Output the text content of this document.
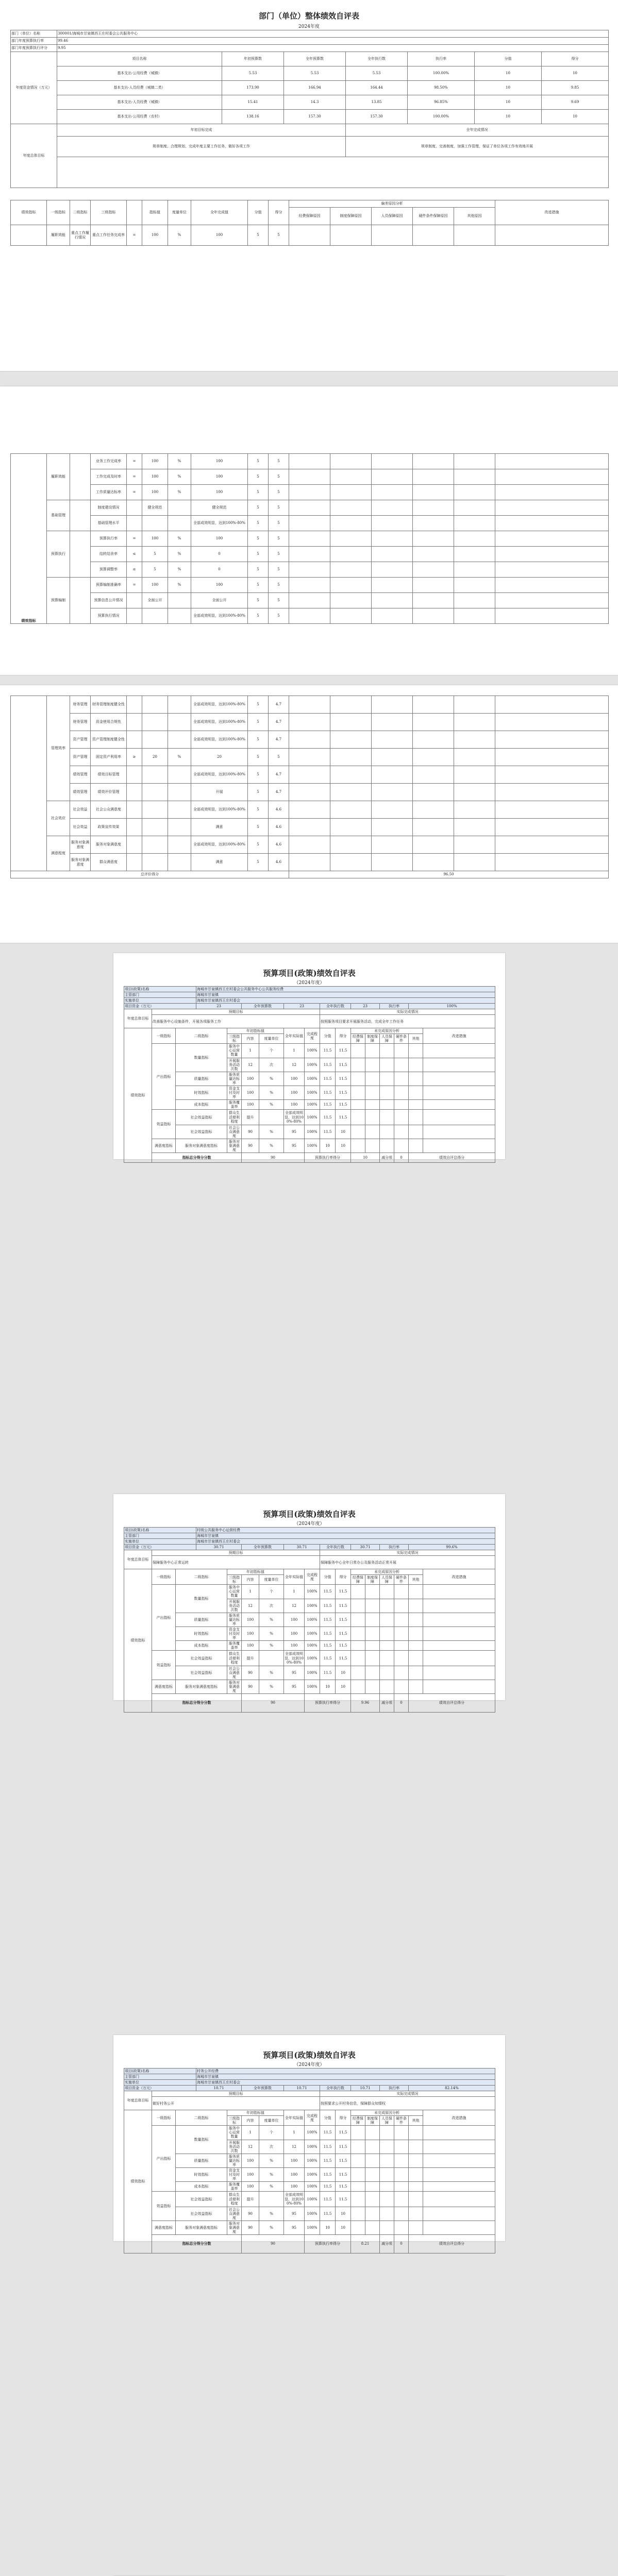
部门（单位）整体绩效自评表
2024年度
部门（单位）名称	300001/海城市甘泉镇西王庄村委会公共服务中心						
部门年度预算执行率	99.46						
部门年度预算执行评分	9.95						
年度资金情况（万元）	项目名称	年初预算数	全年预算数	全年执行数	执行率	分值	得分
	基本支出-公用经费（城镇）	5.53	5.53	5.53	100.00%	10	10
	基本支出-人员经费（城镇二类）	173.90	166.94	164.44	98.50%	10	9.85
	基本支出-人员经费（城镇）	15.41	14.3	13.85	96.85%	10	9.69
	基本支出-公用经费（农村）	138.16	157.30	157.30	100.00%	10	10
年度总体目标	年初目标完成			全年完成情况			
	规章制度、合理规划，完成年度主要工作任务，做好各项工作			规章制度，完善制度，加强工作管理，保证了单位各项工作有效地开展			

绩效指标	一级指标	二级指标	三级指标		指标值	度量单位	全年完成值	分值	得分	偏差原因分析					改进措施
										经费保障原因	制度保障原因	人员保障原因	硬件条件保障原因	其他原因	
	履职效能	重点工作履行情况	重点工作任务完成率	=	100	%	100	5	5						
绩效指标	履职效能		业务工作完成率	=	100	%	100	5	5						
			工作完成及时率	=	100	%	100	5	5						
			工作质量达标率	=	100	%	100	5	5						
	基础管理		制度建设情况		健全规范		健全规范	5	5						
			基础管理水平				全部成效明显，达到100%-80%	5	5						
	预算执行		预算执行率	=	100	%	100	5	5						
			结转结余率	≤	5	%	0	5	5						
			预算调整率	≤	5	%	0	5	5						
	预算编制		预算编制准确率	=	100	%	100	5	5						
			预算信息公开情况		全面公开		全面公开	5	5						
			预算执行情况				全部成效明显，达到100%-80%	5	5						
	管理效率	财务管理	财务管理制度健全性				全部成效明显，达到100%-80%	5	4.7						
		财务管理	资金使用合规性				全部成效明显，达到100%-80%	5	4.7						
		资产管理	资产管理制度健全性				全部成效明显，达到100%-80%	5	4.7						
		资产管理	固定资产利用率	≥	20	%	20	5	5						
		绩效管理	绩效目标管理				全部成效明显，达到100%-80%	5	4.7						
		绩效管理	绩效评价管理				开展	5	4.7						
	社会效应	社会效益	社会公众满意度				全部成效明显，达到100%-80%	5	4.6						
		社会效益	政策宣传效果				满意	5	4.6						
	满意程度	服务对象满意度	服务对象满意度				全部成效明显，达到100%-80%	5	4.6						
		服务对象满意度	群众满意度				满意	5	4.6						
总评价得分										96.50					
预算项目(政策)绩效自评表
（2024年度）
项目(政策)名称			海城市甘泉镇西王庄村委会公共服务中心公共服务经费														
主管部门			海城市甘泉镇														
实施单位			海城市甘泉镇西王庄村委会														
项目资金（万元）			23		全年预算数		23		全年执行数		23		执行率		100%		
年度总体目标	预期目标								实际完成情况								
	改善服务中心设施条件，开展各项服务工作								按照服务项目要求开展服务活动，完成全年工作任务								
绩效指标	一级指标	二级指标		年初指标值			全年实际值	完成程度	分值	得分	未完成原因分析					改进措施	
				三级指标	内容	度量单位					经费保障	制度保障	人员保障	硬件条件	其他		
	产出指标	数量指标		服务中心运营数量	1	个	1	100%	11.5	11.5							
				开展服务活动次数	12	次	12	100%	11.5	11.5							
		质量指标		服务质量达标率	100	%	100	100%	11.5	11.5							
		时效指标		资金支付及时率	100	%	100	100%	11.5	11.5							
		成本指标		服务覆盖率	100	%	100	100%	11.5	11.5							
	效益指标	社会效益指标		群众生活便利程度	提升		全部成效明显，达到100%-80%	100%	11.5	11.5							
		社会效益指标		社会公众满意度	90	%	95	100%	11.5	10							
	满意度指标	服务对象满意度指标		服务对象满意度	90	%	95	100%	10	10							
	指标总分得分分数				90			预算执行率得分			10		减分项	0	绩效自评总得分	
预算项目(政策)绩效自评表
（2024年度）
项目(政策)名称			村级公共服务中心运营经费														
主管部门			海城市甘泉镇														
实施单位			海城市甘泉镇西王庄村委会														
项目资金（万元）			30.71		全年预算数		30.71		全年执行数		30.71		执行率		99.6%		
年度总体目标	预期目标								实际完成情况								
	保障服务中心正常运转								保障服务中心全年日常办公及服务活动正常开展								
绩效指标	一级指标	二级指标		年初指标值			全年实际值	完成程度	分值	得分	未完成原因分析					改进措施	
				三级指标	内容	度量单位					经费保障	制度保障	人员保障	硬件条件	其他		
	产出指标	数量指标		服务中心运营数量	1	个	1	100%	11.5	11.5							
				开展服务活动次数	12	次	12	100%	11.5	11.5							
		质量指标		服务质量达标率	100	%	100	100%	11.5	11.5							
		时效指标		资金支付及时率	100	%	100	100%	11.5	11.5							
		成本指标		服务覆盖率	100	%	100	100%	11.5	11.5							
	效益指标	社会效益指标		群众生活便利程度	提升		全部成效明显，达到100%-80%	100%	11.5	11.5							
		社会效益指标		社会公众满意度	90	%	95	100%	11.5	10							
	满意度指标	服务对象满意度指标		服务对象满意度	90	%	95	100%	10	10							
	指标总分得分分数				90			预算执行率得分			9.96		减分项	0	绩效自评总得分	
预算项目(政策)绩效自评表
（2024年度）
项目(政策)名称			村务公开经费														
主管部门			海城市甘泉镇														
实施单位			海城市甘泉镇西王庄村委会														
项目资金（万元）			10.71		全年预算数		10.71		全年执行数		10.71		执行率		82.14%		
年度总体目标	预期目标								实际完成情况								
	做好村务公开								按照要求公开村务信息，保障群众知情权								
绩效指标	一级指标	二级指标		年初指标值			全年实际值	完成程度	分值	得分	未完成原因分析					改进措施	
				三级指标	内容	度量单位					经费保障	制度保障	人员保障	硬件条件	其他		
	产出指标	数量指标		服务中心运营数量	1	个	1	100%	11.5	11.5							
				开展服务活动次数	12	次	12	100%	11.5	11.5							
		质量指标		服务质量达标率	100	%	100	100%	11.5	11.5							
		时效指标		资金支付及时率	100	%	100	100%	11.5	11.5							
		成本指标		服务覆盖率	100	%	100	100%	11.5	11.5							
	效益指标	社会效益指标		群众生活便利程度	提升		全部成效明显，达到100%-80%	100%	11.5	11.5							
		社会效益指标		社会公众满意度	90	%	95	100%	11.5	10							
	满意度指标	服务对象满意度指标		服务对象满意度	90	%	95	100%	10	10							
	指标总分得分分数				90			预算执行率得分			8.21		减分项	0	绩效自评总得分	
